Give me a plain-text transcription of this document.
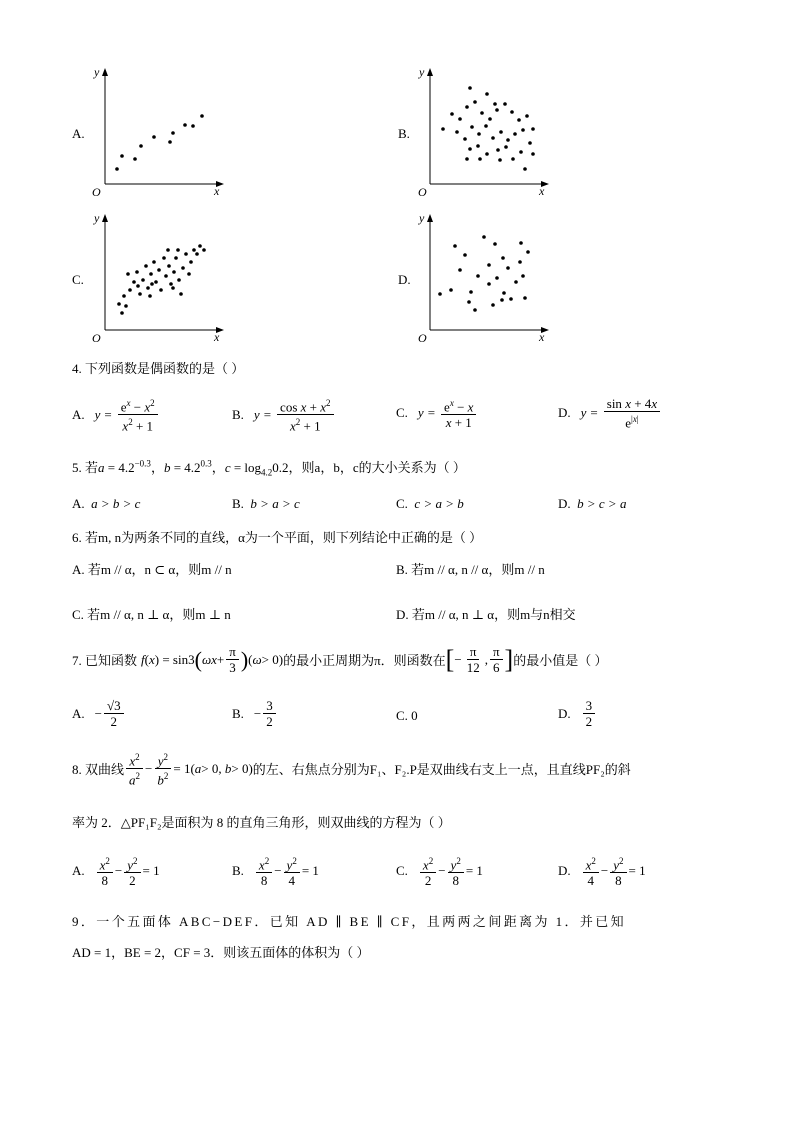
A.
y
O	x
B.
y
O	x
C.
y
O	x
D.
y
O	x
4. 下列函数是偶函数的是（ ）
A. $y = \frac{e^x - x^2}{x^2 + 1}$	B. $y = \frac{\cos x + x^2}{x^2 + 1}$	C. $y = \frac{e^x - x}{x + 1}$	D. $y = \frac{\text{sin x + 4x}}{e^{|x|}}$
5. 若$a = 4.2^{-0.3}$，$b = 4.2^{0.3}$，$c = \log_{4.2}0.2$，则a，b，c的大小关系为（ ）
A. a > b > c	B. b > a > c	C. c > a > b	D. b > c > a
6. 若m, n为两条不同的直线，α为一个平面，则下列结论中正确的是（ ）
A. 若m // α，n ⊂ α，则m // n	B. 若m // α, n // α，则m // n
C. 若m // α, n ⊥ α，则m ⊥ n	D. 若m // α, n ⊥ α，则m与n相交
7. 已知函数 f ( x ) = sin3 ( $\omega x + \frac{\pi}{3}$ ) ( ω > 0) 的最小正周期为π．则函数在 [ − $\frac{\pi}{12}$ , $\frac{\pi}{6}$ ] 的最小值是（ ）
A. − $\frac{√3}{2}$	B. − $\frac{3}{2}$	C. 0	D. $\frac{3}{2}$
8. 双曲线 $\frac{x^2}{a^2} - \frac{y^2}{b^2} = 1$( a > 0, b > 0) 的左、右焦点分别为F₁、F₂.P是双曲线右支上一点，且直线PF₂的斜
率为 2．△PF₁F₂是面积为 8 的直角三角形，则双曲线的方程为（ ）
A. $\frac{x^2}{8} - \frac{y^2}{2} = 1$	B. $\frac{x^2}{8} - \frac{y^2}{4} = 1$	C. $\frac{x^2}{2} - \frac{y^2}{8} = 1$	D. $\frac{x^2}{4} - \frac{y^2}{8} = 1$
9．一个五面体 ABC−DEF．已知 AD ∥ BE ∥ CF，且两两之间距离为 1．并已知
AD = 1，BE = 2，CF = 3．则该五面体的体积为（ ）
